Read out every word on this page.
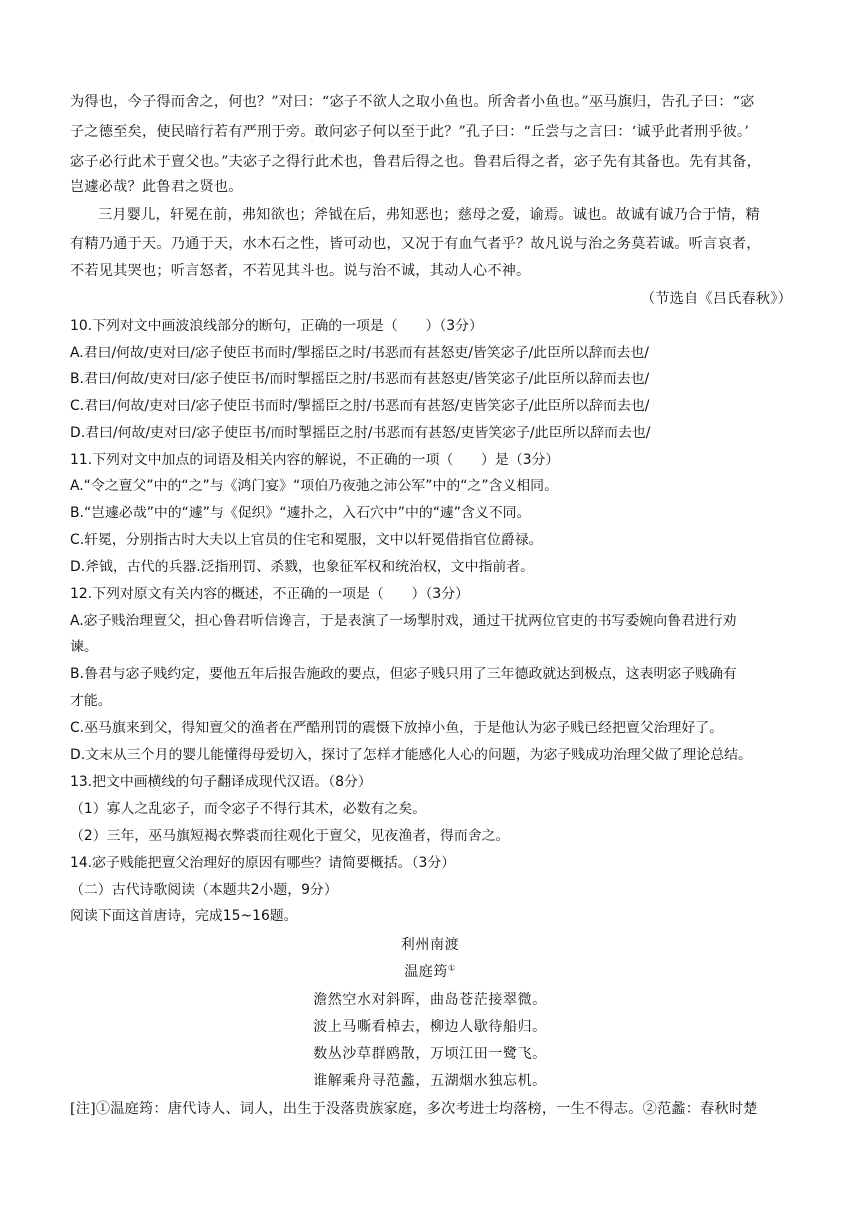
为得也，今子得而舍之，何也？”对曰：“宓子不欲人之取小鱼也。所舍者小鱼也。”巫马旗归，告孔子曰：“宓
子之德至矣，使民暗行若有严刑于旁。敢问宓子何以至于此？”孔子曰：“丘尝与之言曰：‘诚乎此者刑乎彼。’
宓子必行此术于亶父也。”夫宓子之得行此术也，鲁君后得之也。鲁君后得之者，宓子先有其备也。先有其备，
岂遽必哉？此鲁君之贤也。
三月婴儿，轩冕在前，弗知欲也；斧钺在后，弗知恶也；慈母之爱，谕焉。诚也。故诚有诚乃合于情，精
有精乃通于天。乃通于天，水木石之性，皆可动也，又况于有血气者乎？故凡说与治之务莫若诚。听言哀者，
不若见其哭也；听言怒者，不若见其斗也。说与治不诚，其动人心不神。
（节选自《吕氏春秋》）
10.下列对文中画波浪线部分的断句，正确的一项是（　　）（3分）
A.君曰/何故/吏对曰/宓子使臣书而时/掣摇臣之时/书恶而有甚怒吏/皆笑宓子/此臣所以辞而去也/
B.君曰/何故/吏对曰/宓子使臣书/而时掣摇臣之肘/书恶而有甚怒吏/皆笑宓子/此臣所以辞而去也/
C.君曰/何故/吏对曰/宓子使臣书而时/掣摇臣之肘/书恶而有甚怒/吏皆笑宓子/此臣所以辞而去也/
D.君曰/何故/吏对曰/宓子使臣书/而时掣摇臣之肘/书恶而有甚怒/吏皆笑宓子/此臣所以辞而去也/
11.下列对文中加点的词语及相关内容的解说，不正确的一项（　　）是（3分）
A.“令之亶父”中的“之”与《鸿门宴》“项伯乃夜弛之沛公军”中的“之”含义相同。
B.“岂遽必哉”中的“遽”与《促织》“遽扑之，入石穴中”中的“遽”含义不同。
C.轩冕，分别指古时大夫以上官员的住宅和冕服，文中以轩冕借指官位爵禄。
D.斧钺，古代的兵器.泛指刑罚、杀戮，也象征军权和统治权，文中指前者。
12.下列对原文有关内容的概述，不正确的一项是（　　）（3分）
A.宓子贱治理亶父，担心鲁君听信谗言，于是表演了一场掣肘戏，通过干扰两位官吏的书写委婉向鲁君进行劝
谏。
B.鲁君与宓子贱约定，要他五年后报告施政的要点，但宓子贱只用了三年德政就达到极点，这表明宓子贱确有
才能。
C.巫马旗来到父，得知亶父的渔者在严酷刑罚的震慑下放掉小鱼，于是他认为宓子贱已经把亶父治理好了。
D.文末从三个月的婴儿能懂得母爱切入，探讨了怎样才能感化人心的问题，为宓子贱成功治理父做了理论总结。
13.把文中画横线的句子翻译成现代汉语。（8分）
（1）寡人之乱宓子，而令宓子不得行其术，必数有之矣。
（2）三年，巫马旗短褐衣弊裘而往观化于亶父，见夜渔者，得而舍之。
14.宓子贱能把亶父治理好的原因有哪些？请简要概括。（3分）
（二）古代诗歌阅读（本题共2小题，9分）
阅读下面这首唐诗，完成15~16题。
利州南渡
温庭筠①
澹然空水对斜晖，曲岛苍茫接翠微。
波上马嘶看棹去，柳边人歇待船归。
数丛沙草群鸥散，万顷江田一鹭飞。
谁解乘舟寻范蠡，五湖烟水独忘机。
[注]①温庭筠：唐代诗人、词人，出生于没落贵族家庭，多次考进士均落榜，一生不得志。②范蠡：春秋时楚
